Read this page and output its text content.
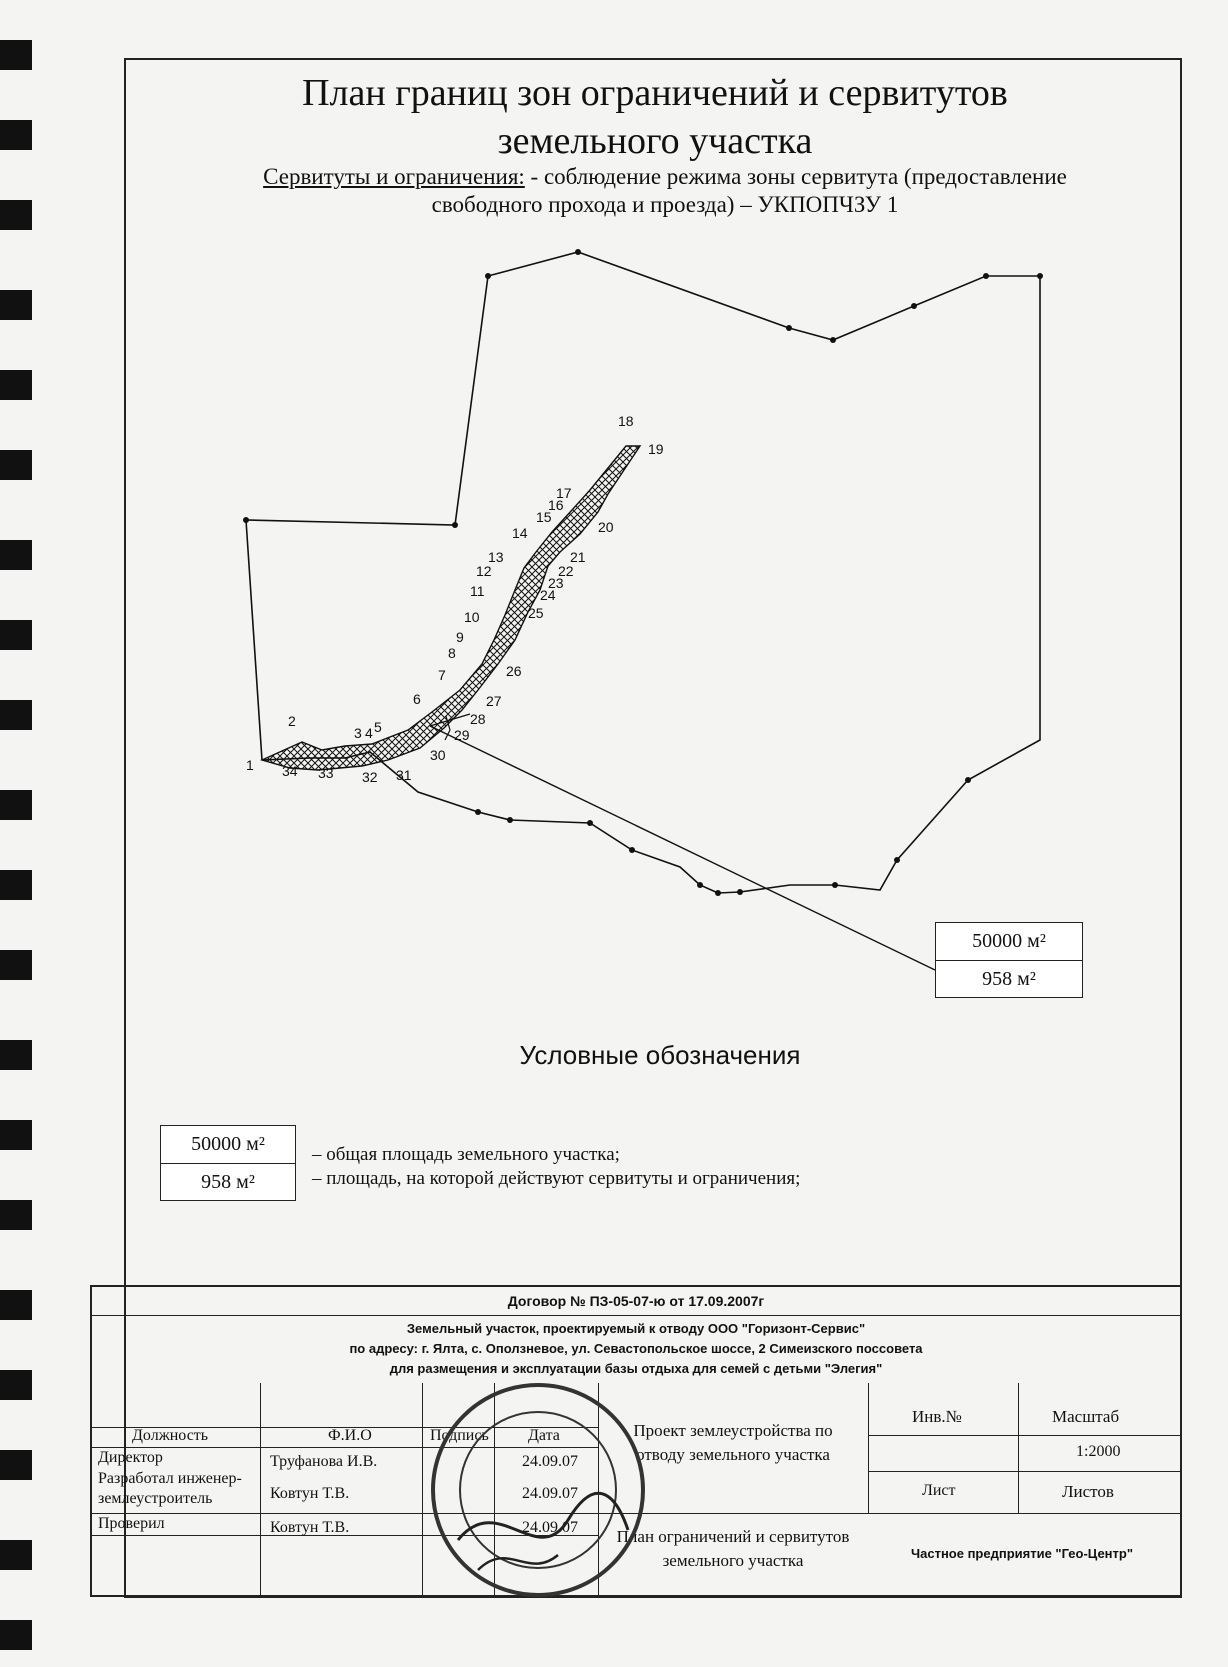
План границ зон ограничений и сервитутов
земельного участка
Сервитуты и ограничения: - соблюдение режима зоны сервитута (предоставление
свободного прохода и проезда) – УКПОПЧЗУ 1
1
2
3 4 5
6
7
8
9
10
11
12
13
14
15
16
17
18
19
20
21
22
23
24
25
26
27
28
29
30
31
32
33
34
50000 м²
958 м²
Условные обозначения
50000 м²
958 м²
– общая площадь земельного участка;
– площадь, на которой действуют сервитуты и ограничения;
Договор № ПЗ-05-07-ю от 17.09.2007г
Земельный участок, проектируемый к отводу ООО "Горизонт-Сервис"
по адресу: г. Ялта, с. Оползневое, ул. Севастопольское шоссе, 2 Симеизского поссовета
для размещения и эксплуатации базы отдыха для семей с детьми "Элегия"
Должность	Ф.И.О	Подпись Дата
Директор	Труфанова И.В.	24.09.07
Разработал инженер-землеустроитель	Ковтун Т.В.	24.09.07
Проверил	Ковтун Т.В.	24.09.07
Проект землеустройства по отводу земельного участка
План ограничений и сервитутов земельного участка
Инв.№	Масштаб
1:2000
Лист	Листов
Частное предприятие "Гео-Центр"
